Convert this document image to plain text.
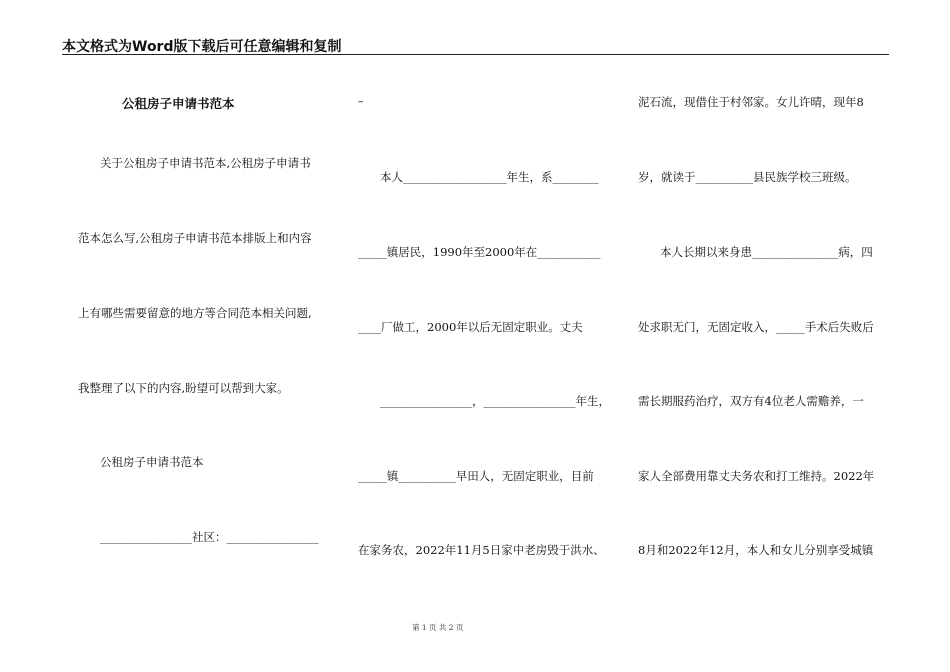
本文格式为Word版下载后可任意编辑和复制
公租房子申请书范本
关于公租房子申请书范本,公租房子申请书
范本怎么写,公租房子申请书范本排版上和内容
上有哪些需要留意的地方等合同范本相关问题,
我整理了以下的内容,盼望可以帮到大家。
公租房子申请书范本
________________社区：________________
–
本人__________________年生，系________
_____镇居民，1990年至2000年在___________
____厂做工，2000年以后无固定职业。丈夫
________________，________________年生，
_____镇__________早田人，无固定职业，目前
在家务农，2022年11月5日家中老房毁于洪水、
泥石流，现借住于村邻家。女儿许晴，现年8
岁，就读于__________县民族学校三班级。
本人长期以来身患_______________病，四
处求职无门，无固定收入，_____手术后失败后
需长期服药治疗，双方有4位老人需赡养，一
家人全部费用靠丈夫务农和打工维持。2022年
8月和2022年12月，本人和女儿分别享受城镇
第 1 页 共 2 页
